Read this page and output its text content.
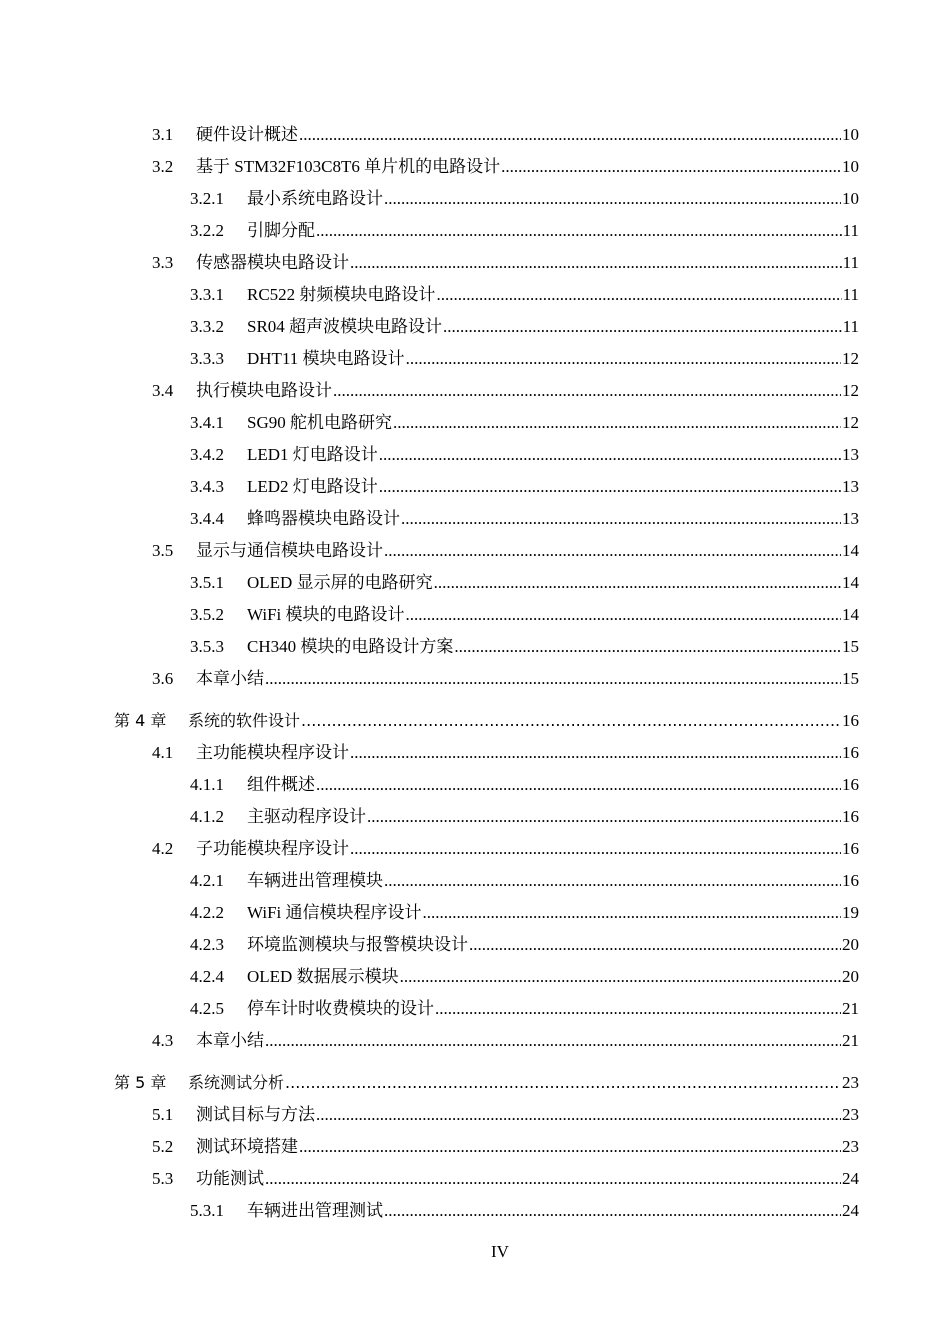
3.1	硬件设计概述 .....	10
3.2	基于 STM32F103C8T6 单片机的电路设计 .....	10
3.2.1	最小系统电路设计 .....	10
3.2.2	引脚分配 .....	11
3.3	传感器模块电路设计 .....	11
3.3.1	RC522 射频模块电路设计 .....	11
3.3.2	SR04 超声波模块电路设计 .....	11
3.3.3	DHT11 模块电路设计 .....	12
3.4	执行模块电路设计 .....	12
3.4.1	SG90 舵机电路研究 .....	12
3.4.2	LED1 灯电路设计 .....	13
3.4.3	LED2 灯电路设计 .....	13
3.4.4	蜂鸣器模块电路设计 .....	13
3.5	显示与通信模块电路设计 .....	14
3.5.1	OLED 显示屏的电路研究 .....	14
3.5.2	WiFi 模块的电路设计 .....	14
3.5.3	CH340 模块的电路设计方案 .....	15
3.6	本章小结 .....	15
第 4 章	系统的软件设计 .....	16
4.1	主功能模块程序设计 .....	16
4.1.1	组件概述 .....	16
4.1.2	主驱动程序设计 .....	16
4.2	子功能模块程序设计 .....	16
4.2.1	车辆进出管理模块 .....	16
4.2.2	WiFi 通信模块程序设计 .....	19
4.2.3	环境监测模块与报警模块设计 .....	20
4.2.4	OLED 数据展示模块 .....	20
4.2.5	停车计时收费模块的设计 .....	21
4.3	本章小结 .....	21
第 5 章	系统测试分析 .....	23
5.1	测试目标与方法 .....	23
5.2	测试环境搭建 .....	23
5.3	功能测试 .....	24
5.3.1	车辆进出管理测试 .....	24
IV
